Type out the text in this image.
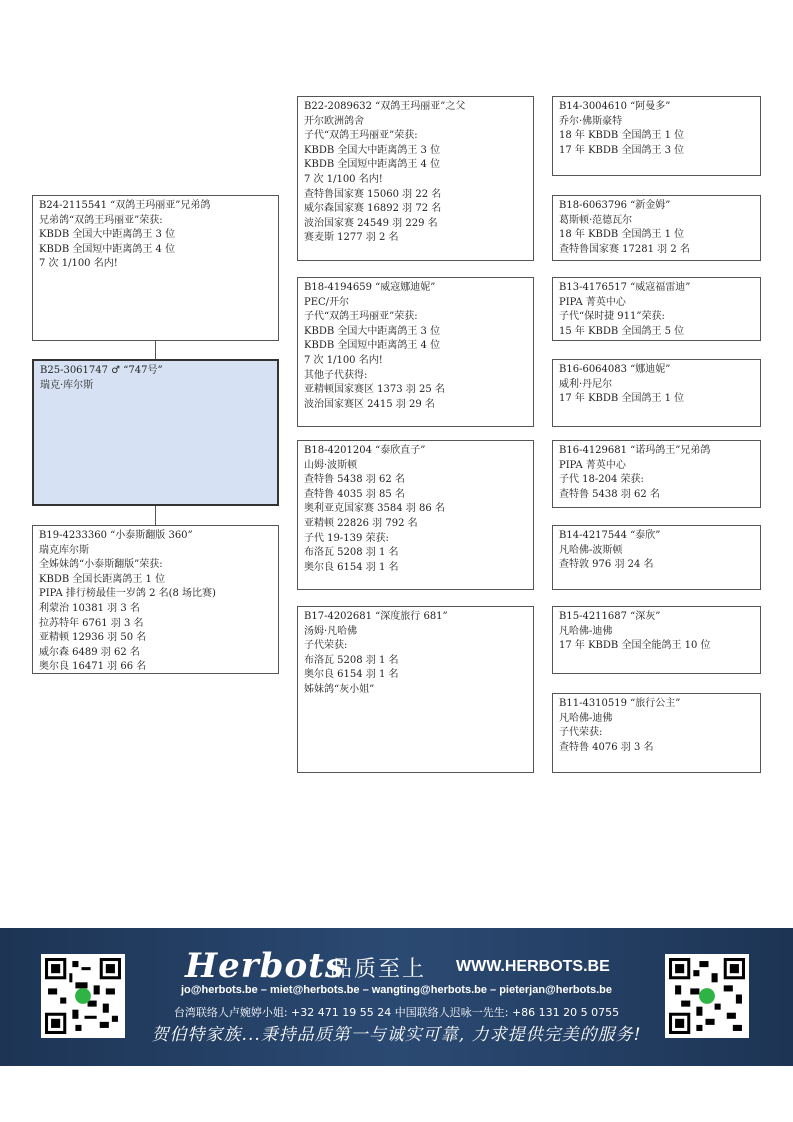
B24-2115541 “双鸽王玛丽亚”兄弟鸽
兄弟鸽“双鸽王玛丽亚”荣获:
KBDB 全国大中距离鸽王 3 位
KBDB 全国短中距离鸽王 4 位
7 次 1/100 名内!
B25-3061747 ♂ “747号”
瑞克·库尔斯
B19-4233360 “小泰斯翻版 360”
瑞克库尔斯
全姊妹鸽“小泰斯翻版”荣获:
KBDB 全国长距离鸽王 1 位
PIPA 排行榜最佳一岁鸽 2 名(8 场比赛)
利蒙治 10381 羽 3 名
拉苏特年 6761 羽 3 名
亚精顿 12936 羽 50 名
威尔森 6489 羽 62 名
奥尔良 16471 羽 66 名
B22-2089632 “双鸽王玛丽亚”之父
开尔欧洲鸽舍
子代“双鸽王玛丽亚”荣获:
KBDB 全国大中距离鸽王 3 位
KBDB 全国短中距离鸽王 4 位
7 次 1/100 名内!
查特鲁国家赛 15060 羽 22 名
威尔森国家赛 16892 羽 72 名
波治国家赛 24549 羽 229 名
赛麦斯 1277 羽 2 名
B18-4194659 “威寇娜迪妮”
PEC/开尔
子代“双鸽王玛丽亚”荣获:
KBDB 全国大中距离鸽王 3 位
KBDB 全国短中距离鸽王 4 位
7 次 1/100 名内!
其他子代获得:
亚精顿国家赛区 1373 羽 25 名
波治国家赛区 2415 羽 29 名
B18-4201204 “泰欣直子”
山姆·波斯顿
查特鲁 5438 羽 62 名
查特鲁 4035 羽 85 名
奥利亚克国家赛 3584 羽 86 名
亚精顿 22826 羽 792 名
子代 19-139 荣获:
布洛瓦 5208 羽 1 名
奥尔良 6154 羽 1 名
B17-4202681 “深度旅行 681”
汤姆·凡哈佛
子代荣获:
布洛瓦 5208 羽 1 名
奥尔良 6154 羽 1 名
姊妹鸽“灰小姐”
B14-3004610 “阿曼多”
乔尔·佛斯豪特
18 年 KBDB 全国鸽王 1 位
17 年 KBDB 全国鸽王 3 位
B18-6063796 “新金姆”
葛斯顿·范德瓦尔
18 年 KBDB 全国鸽王 1 位
查特鲁国家赛 17281 羽 2 名
B13-4176517 “威寇福雷迪”
PIPA 菁英中心
子代“保时捷 911”荣获:
15 年 KBDB 全国鸽王 5 位
B16-6064083 “娜迪妮”
威利·丹尼尔
17 年 KBDB 全国鸽王 1 位
B16-4129681 “诺玛鸽王”兄弟鸽
PIPA 菁英中心
子代 18-204 荣获:
查特鲁 5438 羽 62 名
B14-4217544 “泰欣”
凡哈佛-波斯顿
查特敦 976 羽 24 名
B15-4211687 “深灰”
凡哈佛-迪佛
17 年 KBDB 全国全能鸽王 10 位
B11-4310519 “旅行公主”
凡哈佛-迪佛
子代荣获:
查特鲁 4076 羽 3 名
Herbots
品质至上 WWW.HERBOTS.BE
jo@herbots.be – miet@herbots.be – wangting@herbots.be – pieterjan@herbots.be
台湾联络人卢婉婷小姐: +32 471 19 55 24 中国联络人迟咏一先生: +86 131 20 5 0755
贺伯特家族...秉持品质第一与诚实可靠, 力求提供完美的服务!
